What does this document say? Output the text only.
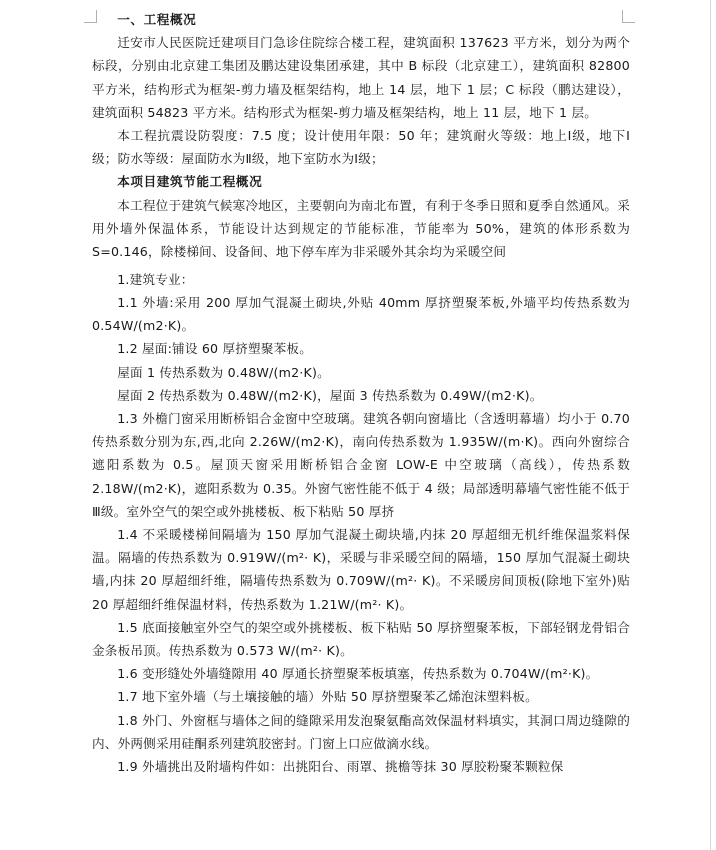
一、工程概况

迁安市人民医院迁建项目门急诊住院综合楼工程，建筑面积 137623 平方米，划分为两个标段，分别由北京建工集团及鹏达建设集团承建，其中 B 标段（北京建工），建筑面积 82800 平方米，结构形式为框架-剪力墙及框架结构，地上 14 层，地下 1 层；C 标段（鹏达建设），建筑面积 54823 平方米。结构形式为框架-剪力墙及框架结构，地上 11 层，地下 1 层。

本工程抗震设防裂度：7.5 度；设计使用年限：50 年；建筑耐火等级：地上Ⅰ级，地下Ⅰ级；防水等级：屋面防水为Ⅱ级，地下室防水为Ⅰ级；

本项目建筑节能工程概况

本工程位于建筑气候寒冷地区，主要朝向为南北布置，有利于冬季日照和夏季自然通风。采用外墙外保温体系，节能设计达到规定的节能标准，节能率为 50%，建筑的体形系数为 S=0.146，除楼梯间、设备间、地下停车库为非采暖外其余均为采暖空间

1.建筑专业：

1.1 外墙:采用 200 厚加气混凝土砌块,外贴 40mm 厚挤塑聚苯板,外墙平均传热系数为 0.54W/(m2·K)。

1.2 屋面:铺设 60 厚挤塑聚苯板。

屋面 1 传热系数为 0.48W/(m2·K)。

屋面 2 传热系数为 0.48W/(m2·K)，屋面 3 传热系数为 0.49W/(m2·K)。

1.3 外檐门窗采用断桥铝合金窗中空玻璃。建筑各朝向窗墙比（含透明幕墙）均小于 0.70 传热系数分别为东,西,北向 2.26W/(m2·K)，南向传热系数为 1.935W/(m·K)。西向外窗综合遮阳系数为 0.5。屋顶天窗采用断桥铝合金窗 LOW-E 中空玻璃（高线），传热系数 2.18W/(m2·K)，遮阳系数为 0.35。外窗气密性能不低于 4 级；局部透明幕墙气密性能不低于Ⅲ级。室外空气的架空或外挑楼板、板下粘贴 50 厚挤

1.4 不采暖楼梯间隔墙为 150 厚加气混凝土砌块墙,内抹 20 厚超细无机纤维保温浆料保温。隔墙的传热系数为 0.919W/(m²· K)，采暖与非采暖空间的隔墙，150 厚加气混凝土砌块墙,内抹 20 厚超细纤维，隔墙传热系数为 0.709W/(m²· K)。不采暖房间顶板(除地下室外)贴 20 厚超细纤维保温材料，传热系数为 1.21W/(m²· K)。

1.5 底面接触室外空气的架空或外挑楼板、板下粘贴 50 厚挤塑聚苯板，下部轻钢龙骨铝合金条板吊顶。传热系数为 0.573 W/(m²· K)。

1.6 变形缝处外墙缝隙用 40 厚通长挤塑聚苯板填塞，传热系数为 0.704W/(m²·K)。

1.7 地下室外墙（与土壤接触的墙）外贴 50 厚挤塑聚苯乙烯泡沫塑料板。

1.8 外门、外窗框与墙体之间的缝隙采用发泡聚氨酯高效保温材料填实，其洞口周边缝隙的内、外两侧采用硅酮系列建筑胶密封。门窗上口应做滴水线。

1.9 外墙挑出及附墙构件如：出挑阳台、雨罩、挑檐等抹 30 厚胶粉聚苯颗粒保
